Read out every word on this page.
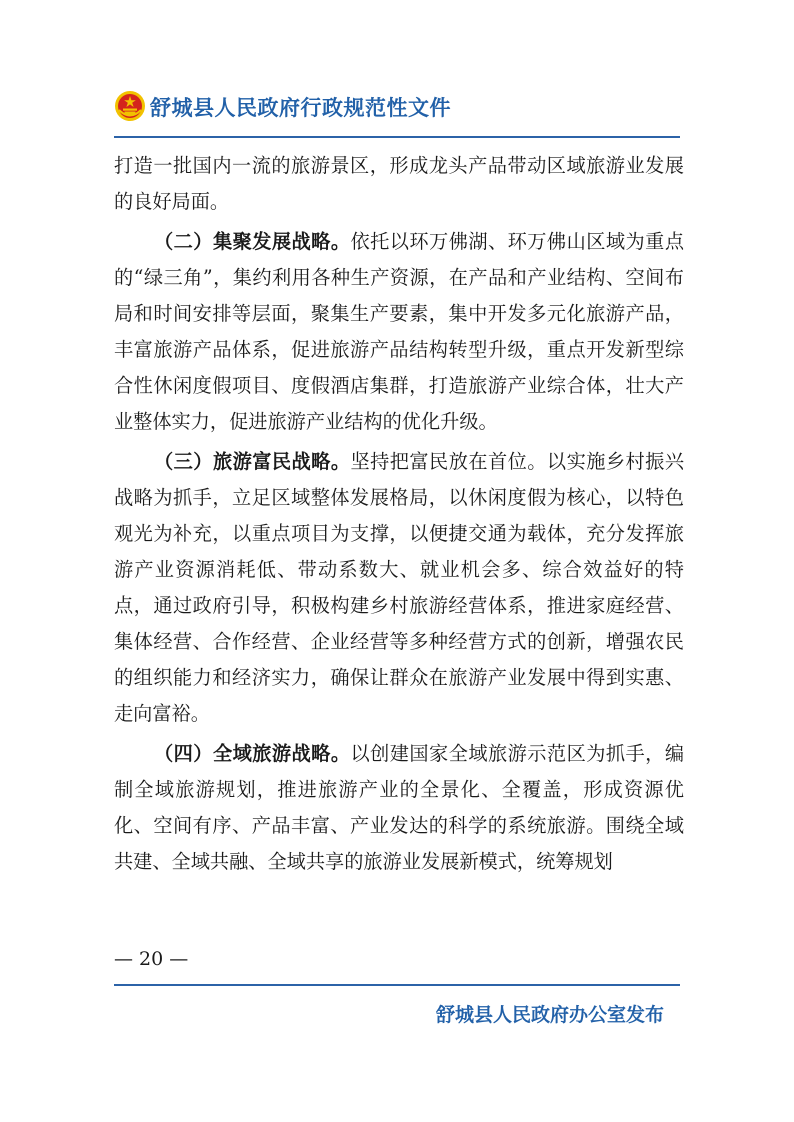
舒城县人民政府行政规范性文件

打造一批国内一流的旅游景区，形成龙头产品带动区域旅游业发展的良好局面。

（二）集聚发展战略。依托以环万佛湖、环万佛山区域为重点的“绿三角”，集约利用各种生产资源，在产品和产业结构、空间布局和时间安排等层面，聚集生产要素，集中开发多元化旅游产品，丰富旅游产品体系，促进旅游产品结构转型升级，重点开发新型综合性休闲度假项目、度假酒店集群，打造旅游产业综合体，壮大产业整体实力，促进旅游产业结构的优化升级。

（三）旅游富民战略。坚持把富民放在首位。以实施乡村振兴战略为抓手，立足区域整体发展格局，以休闲度假为核心，以特色观光为补充，以重点项目为支撑，以便捷交通为载体，充分发挥旅游产业资源消耗低、带动系数大、就业机会多、综合效益好的特点，通过政府引导，积极构建乡村旅游经营体系，推进家庭经营、集体经营、合作经营、企业经营等多种经营方式的创新，增强农民的组织能力和经济实力，确保让群众在旅游产业发展中得到实惠、走向富裕。

（四）全域旅游战略。以创建国家全域旅游示范区为抓手，编制全域旅游规划，推进旅游产业的全景化、全覆盖，形成资源优化、空间有序、产品丰富、产业发达的科学的系统旅游。围绕全域共建、全域共融、全域共享的旅游业发展新模式，统筹规划

— 20 —
舒城县人民政府办公室发布
